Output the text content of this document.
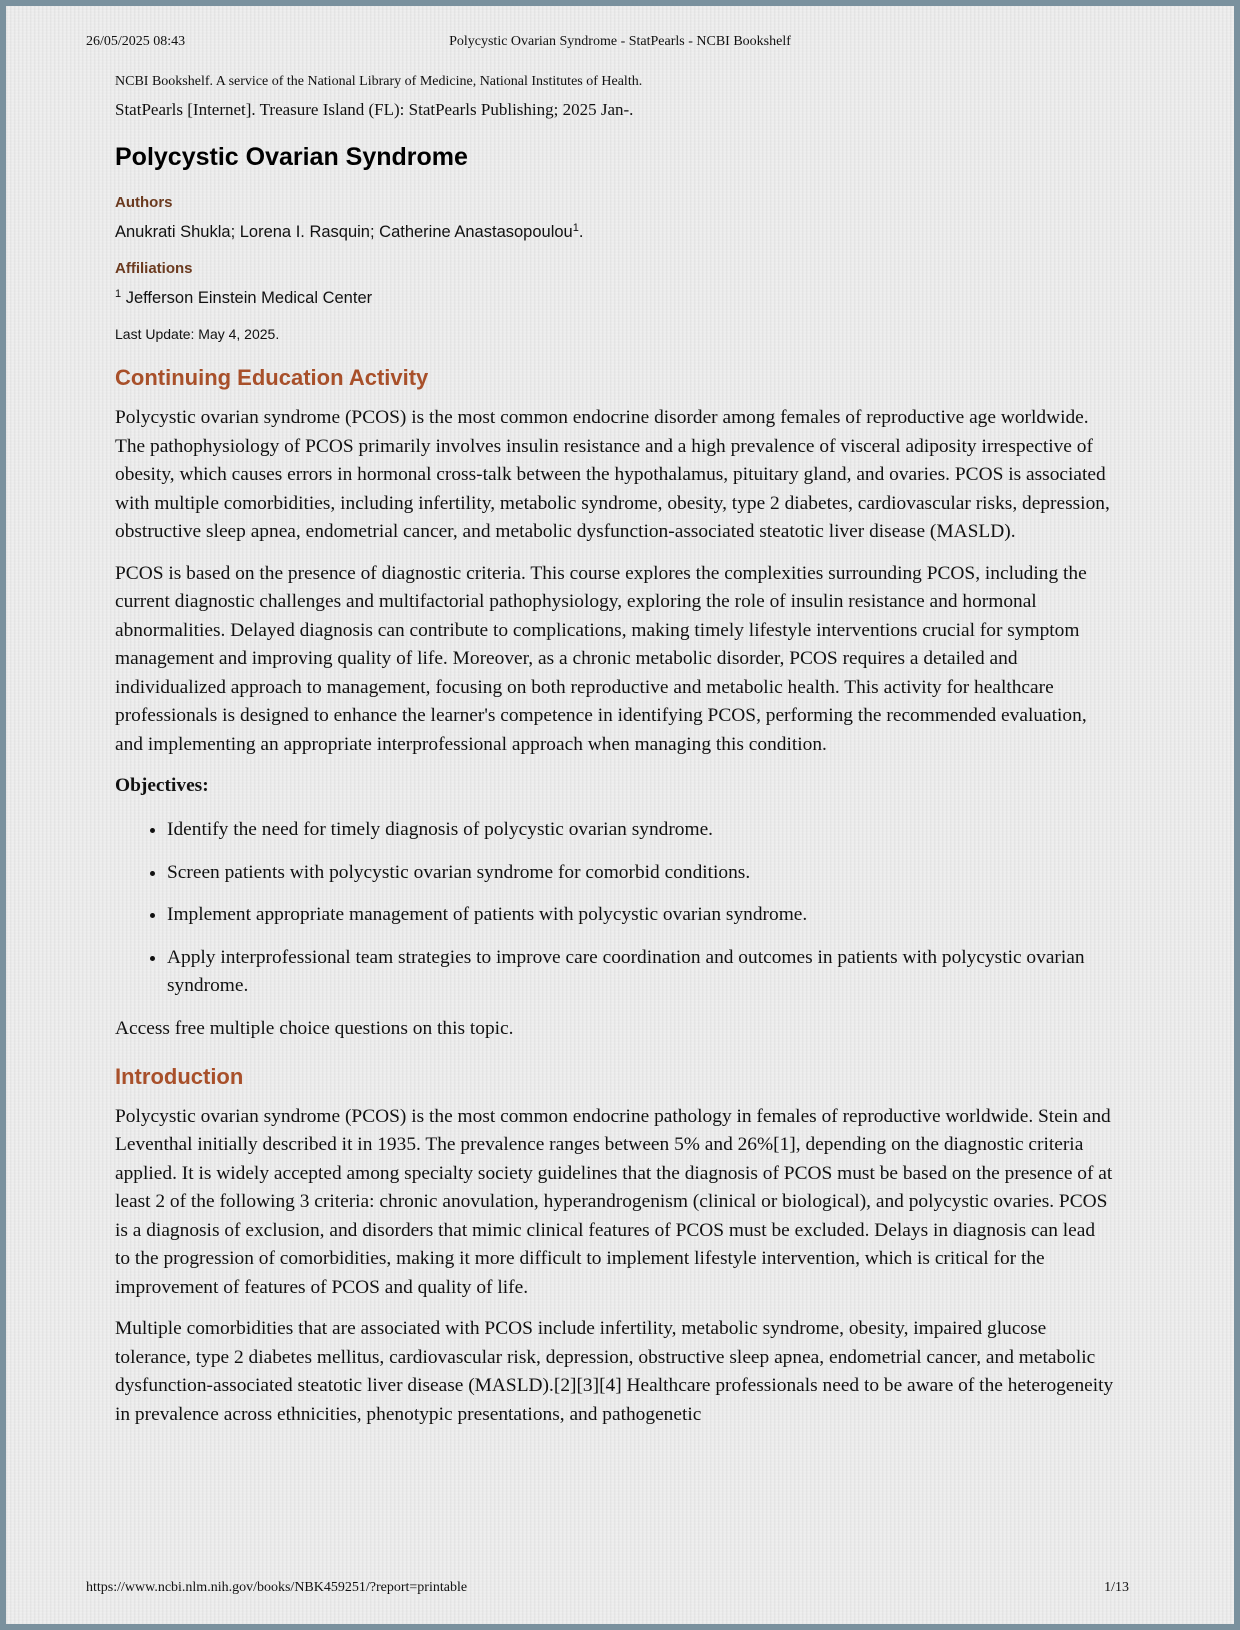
26/05/2025 08:43	Polycystic Ovarian Syndrome - StatPearls - NCBI Bookshelf
NCBI Bookshelf. A service of the National Library of Medicine, National Institutes of Health.
StatPearls [Internet]. Treasure Island (FL): StatPearls Publishing; 2025 Jan-.
Polycystic Ovarian Syndrome
Authors
Anukrati Shukla; Lorena I. Rasquin; Catherine Anastasopoulou$^1$.
Affiliations
$^1$ Jefferson Einstein Medical Center
Last Update: May 4, 2025.
Continuing Education Activity

Polycystic ovarian syndrome (PCOS) is the most common endocrine disorder among females of reproductive age worldwide. The pathophysiology of PCOS primarily involves insulin resistance and a high prevalence of visceral adiposity irrespective of obesity, which causes errors in hormonal cross-talk between the hypothalamus, pituitary gland, and ovaries. PCOS is associated with multiple comorbidities, including infertility, metabolic syndrome, obesity, type 2 diabetes, cardiovascular risks, depression, obstructive sleep apnea, endometrial cancer, and metabolic dysfunction-associated steatotic liver disease (MASLD).

PCOS is based on the presence of diagnostic criteria. This course explores the complexities surrounding PCOS, including the current diagnostic challenges and multifactorial pathophysiology, exploring the role of insulin resistance and hormonal abnormalities. Delayed diagnosis can contribute to complications, making timely lifestyle interventions crucial for symptom management and improving quality of life. Moreover, as a chronic metabolic disorder, PCOS requires a detailed and individualized approach to management, focusing on both reproductive and metabolic health. This activity for healthcare professionals is designed to enhance the learner's competence in identifying PCOS, performing the recommended evaluation, and implementing an appropriate interprofessional approach when managing this condition.

Objectives:
• Identify the need for timely diagnosis of polycystic ovarian syndrome.
• Screen patients with polycystic ovarian syndrome for comorbid conditions.
• Implement appropriate management of patients with polycystic ovarian syndrome.
• Apply interprofessional team strategies to improve care coordination and outcomes in patients with polycystic ovarian syndrome.
Access free multiple choice questions on this topic.
Introduction

Polycystic ovarian syndrome (PCOS) is the most common endocrine pathology in females of reproductive worldwide. Stein and Leventhal initially described it in 1935. The prevalence ranges between 5% and 26%[1], depending on the diagnostic criteria applied. It is widely accepted among specialty society guidelines that the diagnosis of PCOS must be based on the presence of at least 2 of the following 3 criteria: chronic anovulation, hyperandrogenism (clinical or biological), and polycystic ovaries. PCOS is a diagnosis of exclusion, and disorders that mimic clinical features of PCOS must be excluded. Delays in diagnosis can lead to the progression of comorbidities, making it more difficult to implement lifestyle intervention, which is critical for the improvement of features of PCOS and quality of life.

Multiple comorbidities that are associated with PCOS include infertility, metabolic syndrome, obesity, impaired glucose tolerance, type 2 diabetes mellitus, cardiovascular risk, depression, obstructive sleep apnea, endometrial cancer, and metabolic dysfunction-associated steatotic liver disease (MASLD).[2][3][4] Healthcare professionals need to be aware of the heterogeneity in prevalence across ethnicities, phenotypic presentations, and pathogenetic

https://www.ncbi.nlm.nih.gov/books/NBK459251/?report=printable	1/13
